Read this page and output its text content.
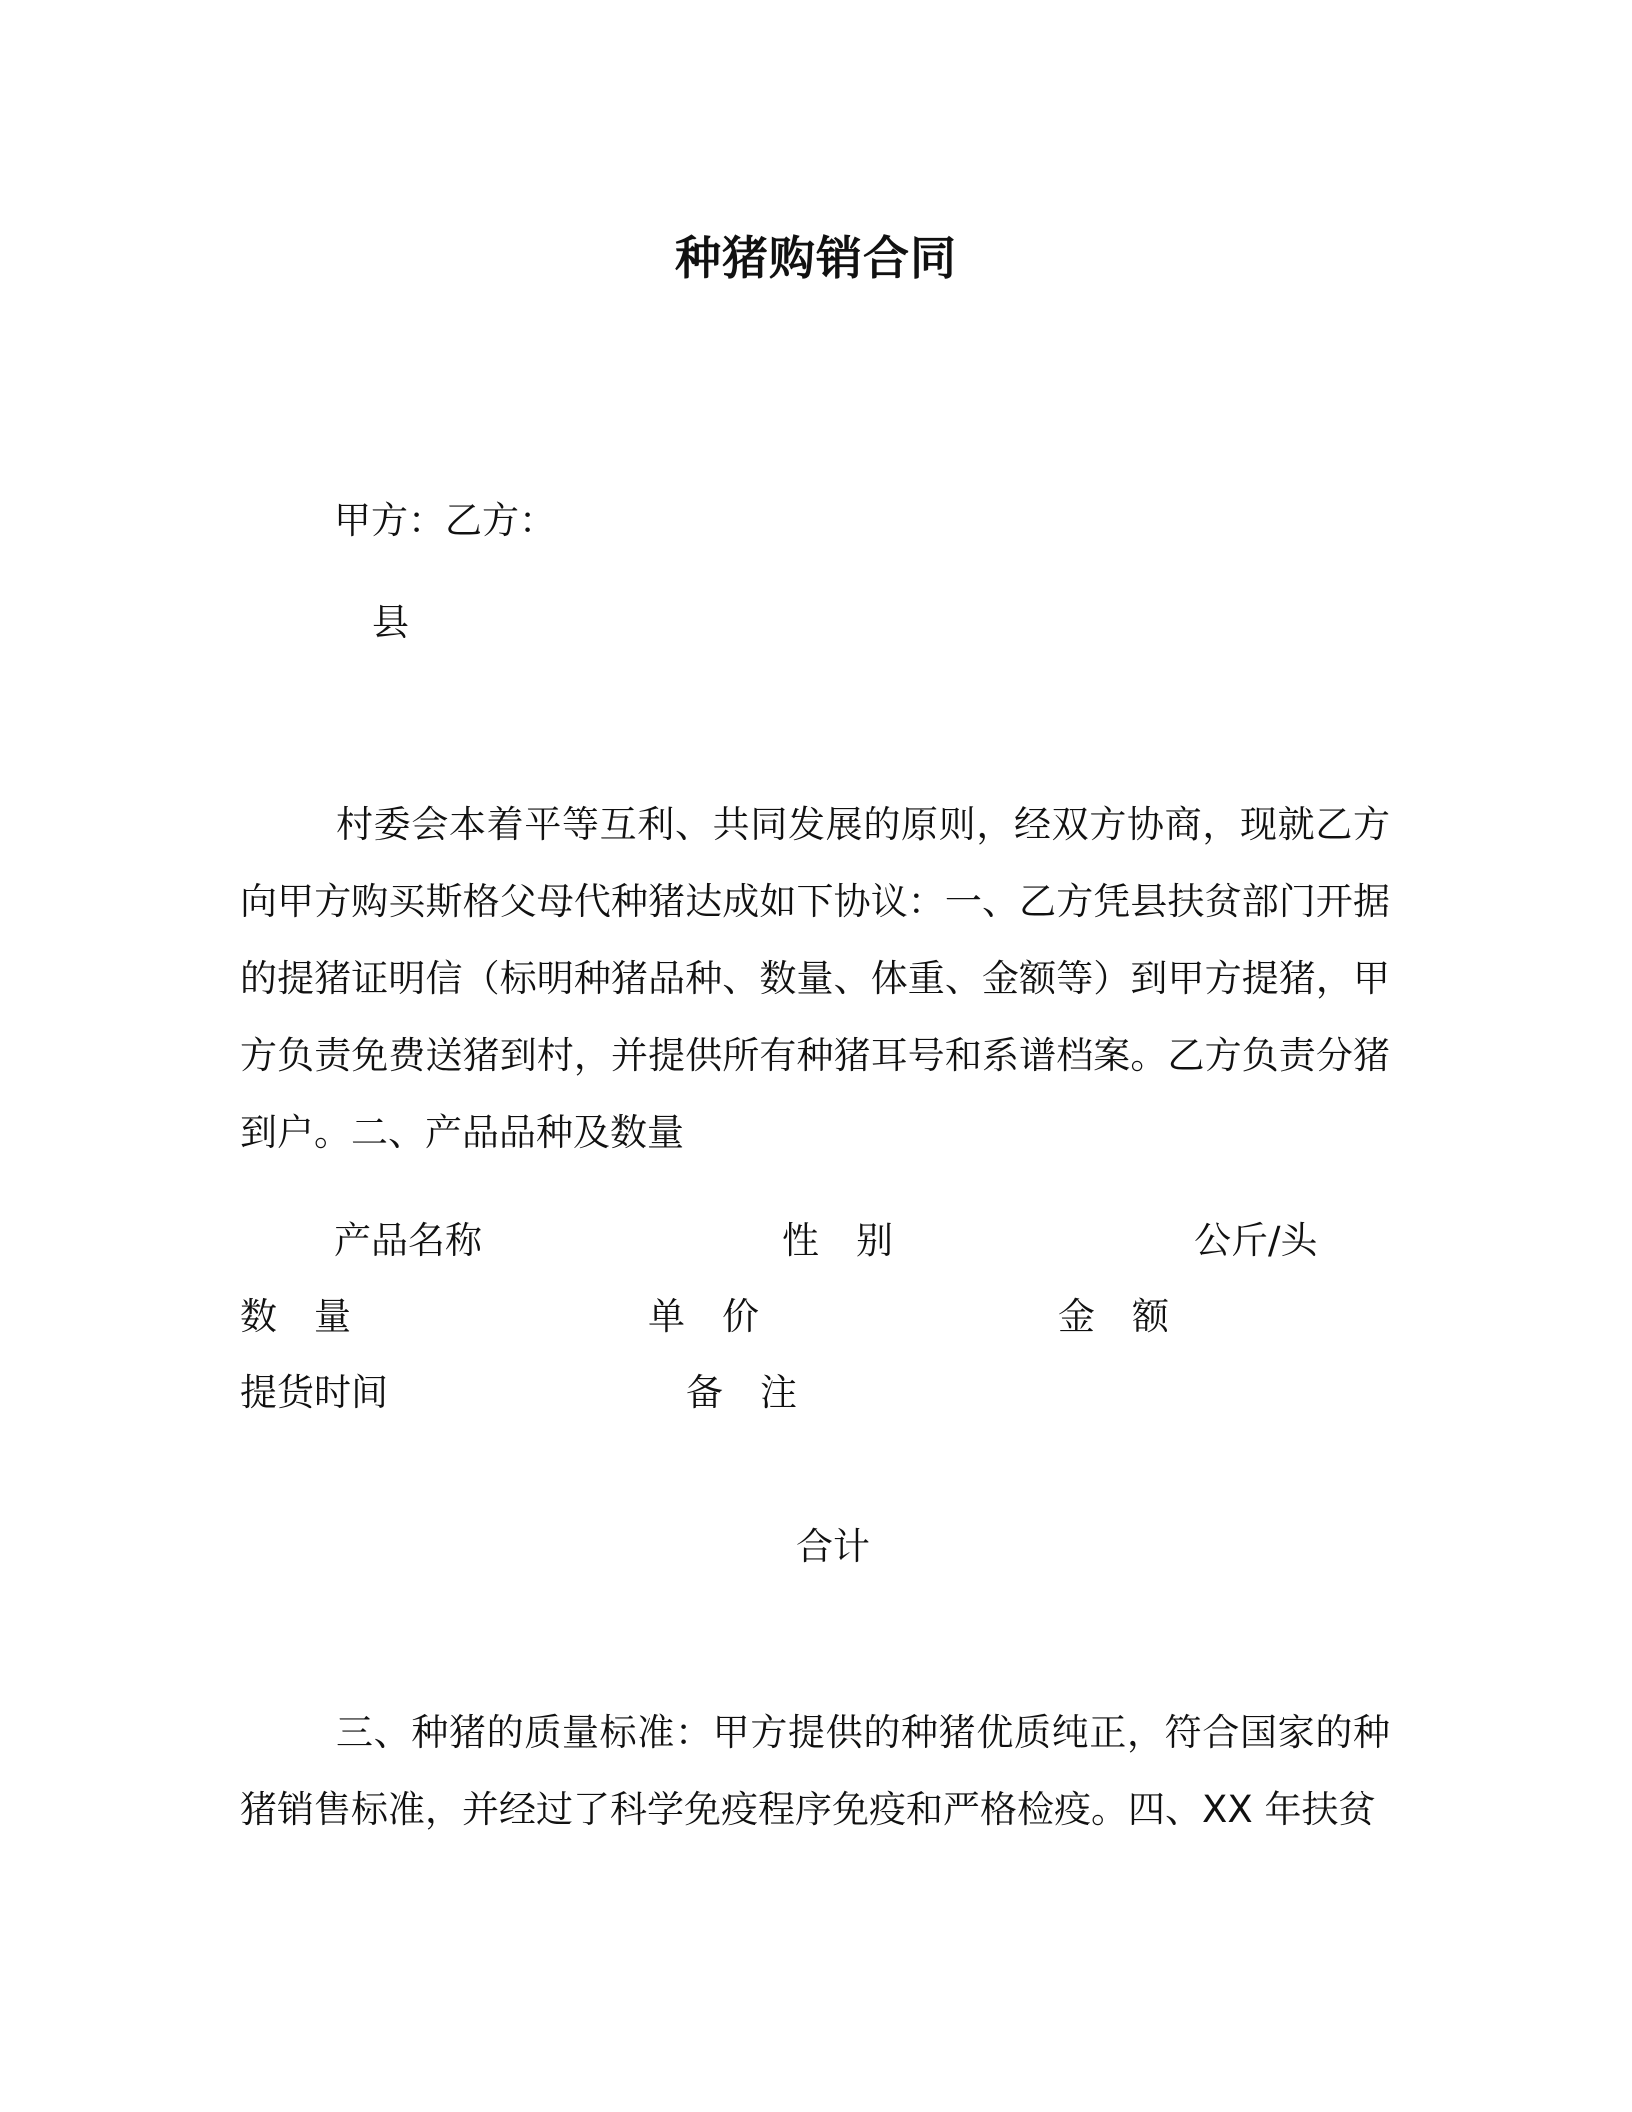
种猪购销合同
甲方：乙方：
县
村委会本着平等互利、共同发展的原则，经双方协商，现就乙方向甲方购买斯格父母代种猪达成如下协议：一、乙方凭县扶贫部门开据的提猪证明信（标明种猪品种、数量、体重、金额等）到甲方提猪，甲方负责免费送猪到村，并提供所有种猪耳号和系谱档案。乙方负责分猪到户。二、产品品种及数量
产品名称	性　别	公斤/头
数　量	单　价	金　额
提货时间	备　注
合计
三、种猪的质量标准：甲方提供的种猪优质纯正，符合国家的种猪销售标准，并经过了科学免疫程序免疫和严格检疫。四、XX 年扶贫
